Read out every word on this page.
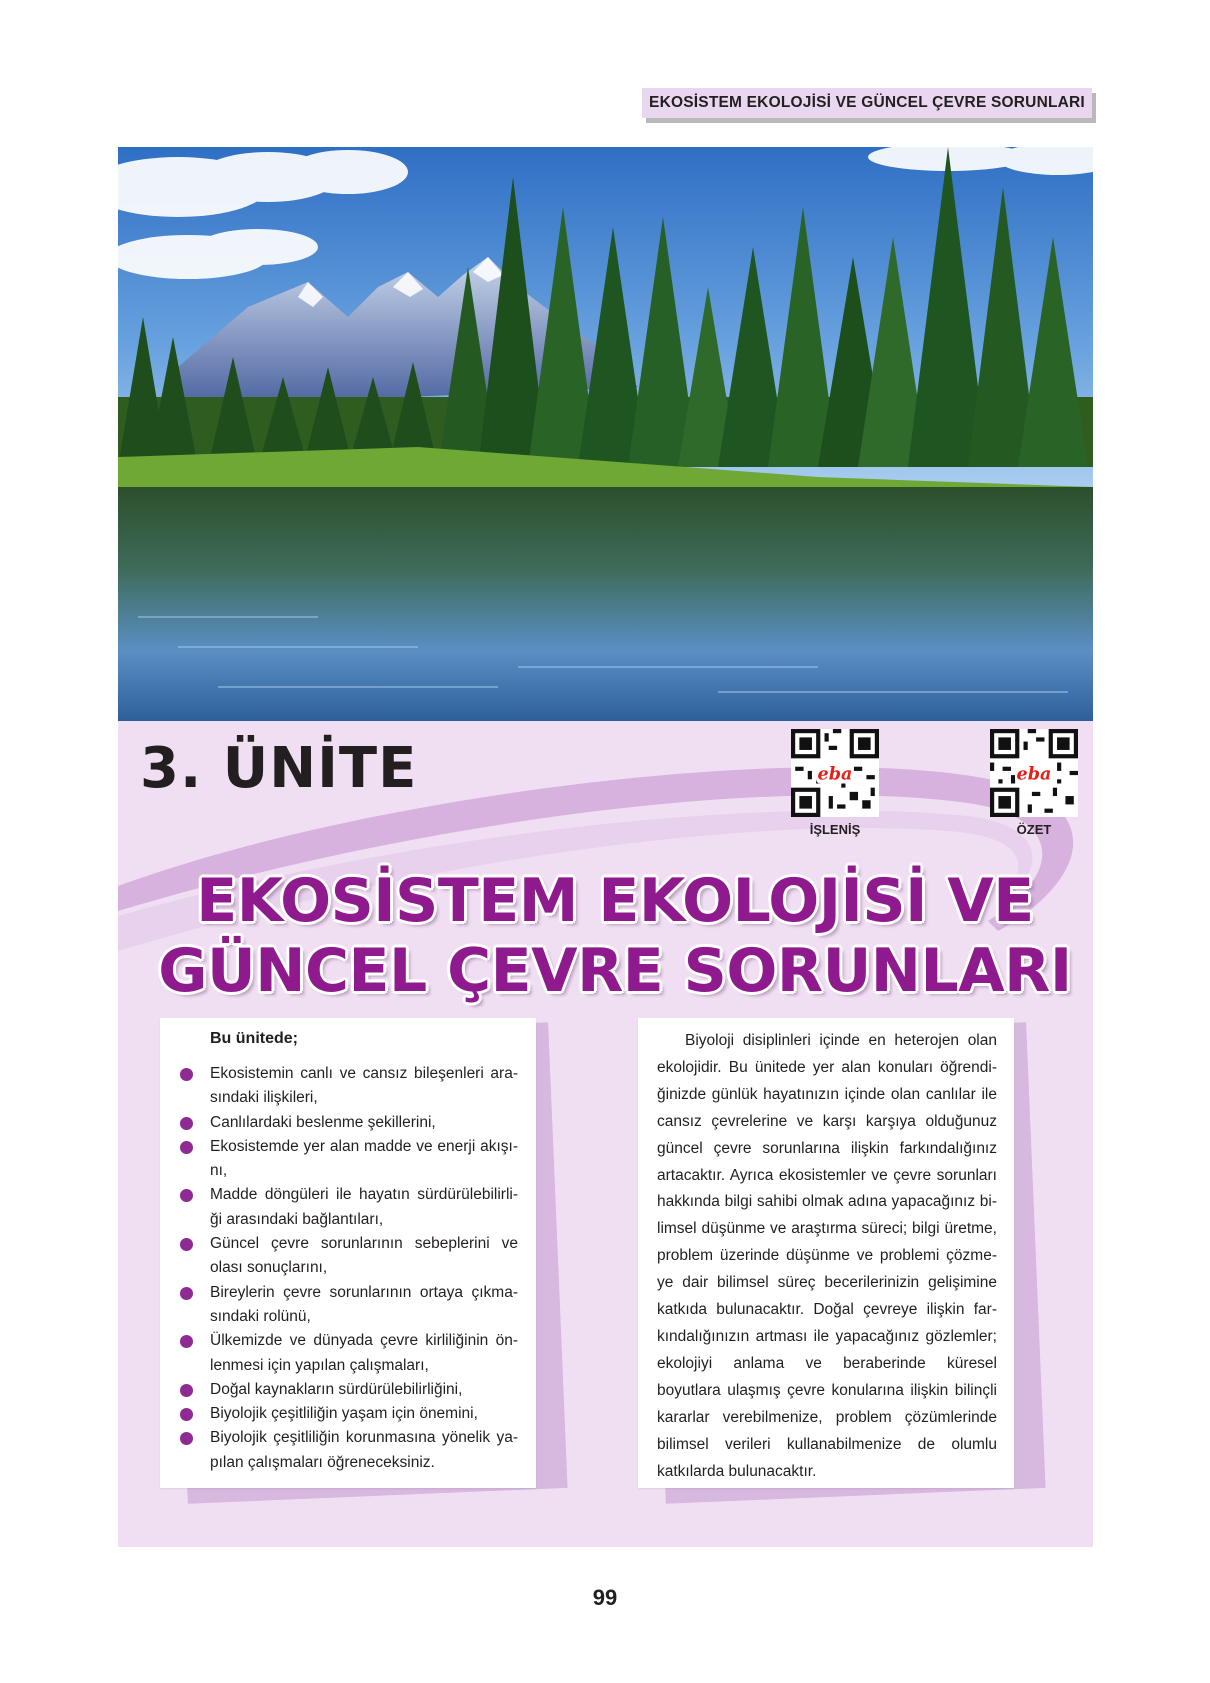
EKOSİSTEM EKOLOJİSİ VE GÜNCEL ÇEVRE SORUNLARI
3. ÜNİTE	eba
İŞLENİŞ
eba
ÖZET
EKOSİSTEM EKOLOJİSİ VE
GÜNCEL ÇEVRE SORUNLARI
Bu ünitede;
Ekosistemin canlı ve cansız bileşenleri ara- sındaki ilişkileri,
Canlılardaki beslenme şekillerini,
Ekosistemde yer alan madde ve enerji akışı- nı,
Madde döngüleri ile hayatın sürdürülebilirli- ği arasındaki bağlantıları,
Güncel çevre sorunlarının sebeplerini ve olası sonuçlarını,
Bireylerin çevre sorunlarının ortaya çıkma- sındaki rolünü,
Ülkemizde ve dünyada çevre kirliliğinin ön- lenmesi için yapılan çalışmaları,
Doğal kaynakların sürdürülebilirliğini,
Biyolojik çeşitliliğin yaşam için önemini,
Biyolojik çeşitliliğin korunmasına yönelik ya- pılan çalışmaları öğreneceksiniz.

Biyoloji disiplinleri içinde en heterojen olan ekolojidir. Bu ünitede yer alan konuları öğrendi- ğinizde günlük hayatınızın içinde olan canlılar ile cansız çevrelerine ve karşı karşıya olduğunuz güncel çevre sorunlarına ilişkin farkındalığınız artacaktır. Ayrıca ekosistemler ve çevre sorunları hakkında bilgi sahibi olmak adına yapacağınız bi- limsel düşünme ve araştırma süreci; bilgi üretme, problem üzerinde düşünme ve problemi çözme- ye dair bilimsel süreç becerilerinizin gelişimine katkıda bulunacaktır. Doğal çevreye ilişkin far- kındalığınızın artması ile yapacağınız gözlemler; ekolojiyi anlama ve beraberinde küresel boyutlara ulaşmış çevre konularına ilişkin bilinçli kararlar verebilmenize, problem çözümlerinde bilimsel verileri kullanabilmenize de olumlu katkılarda bulunacaktır.

99
